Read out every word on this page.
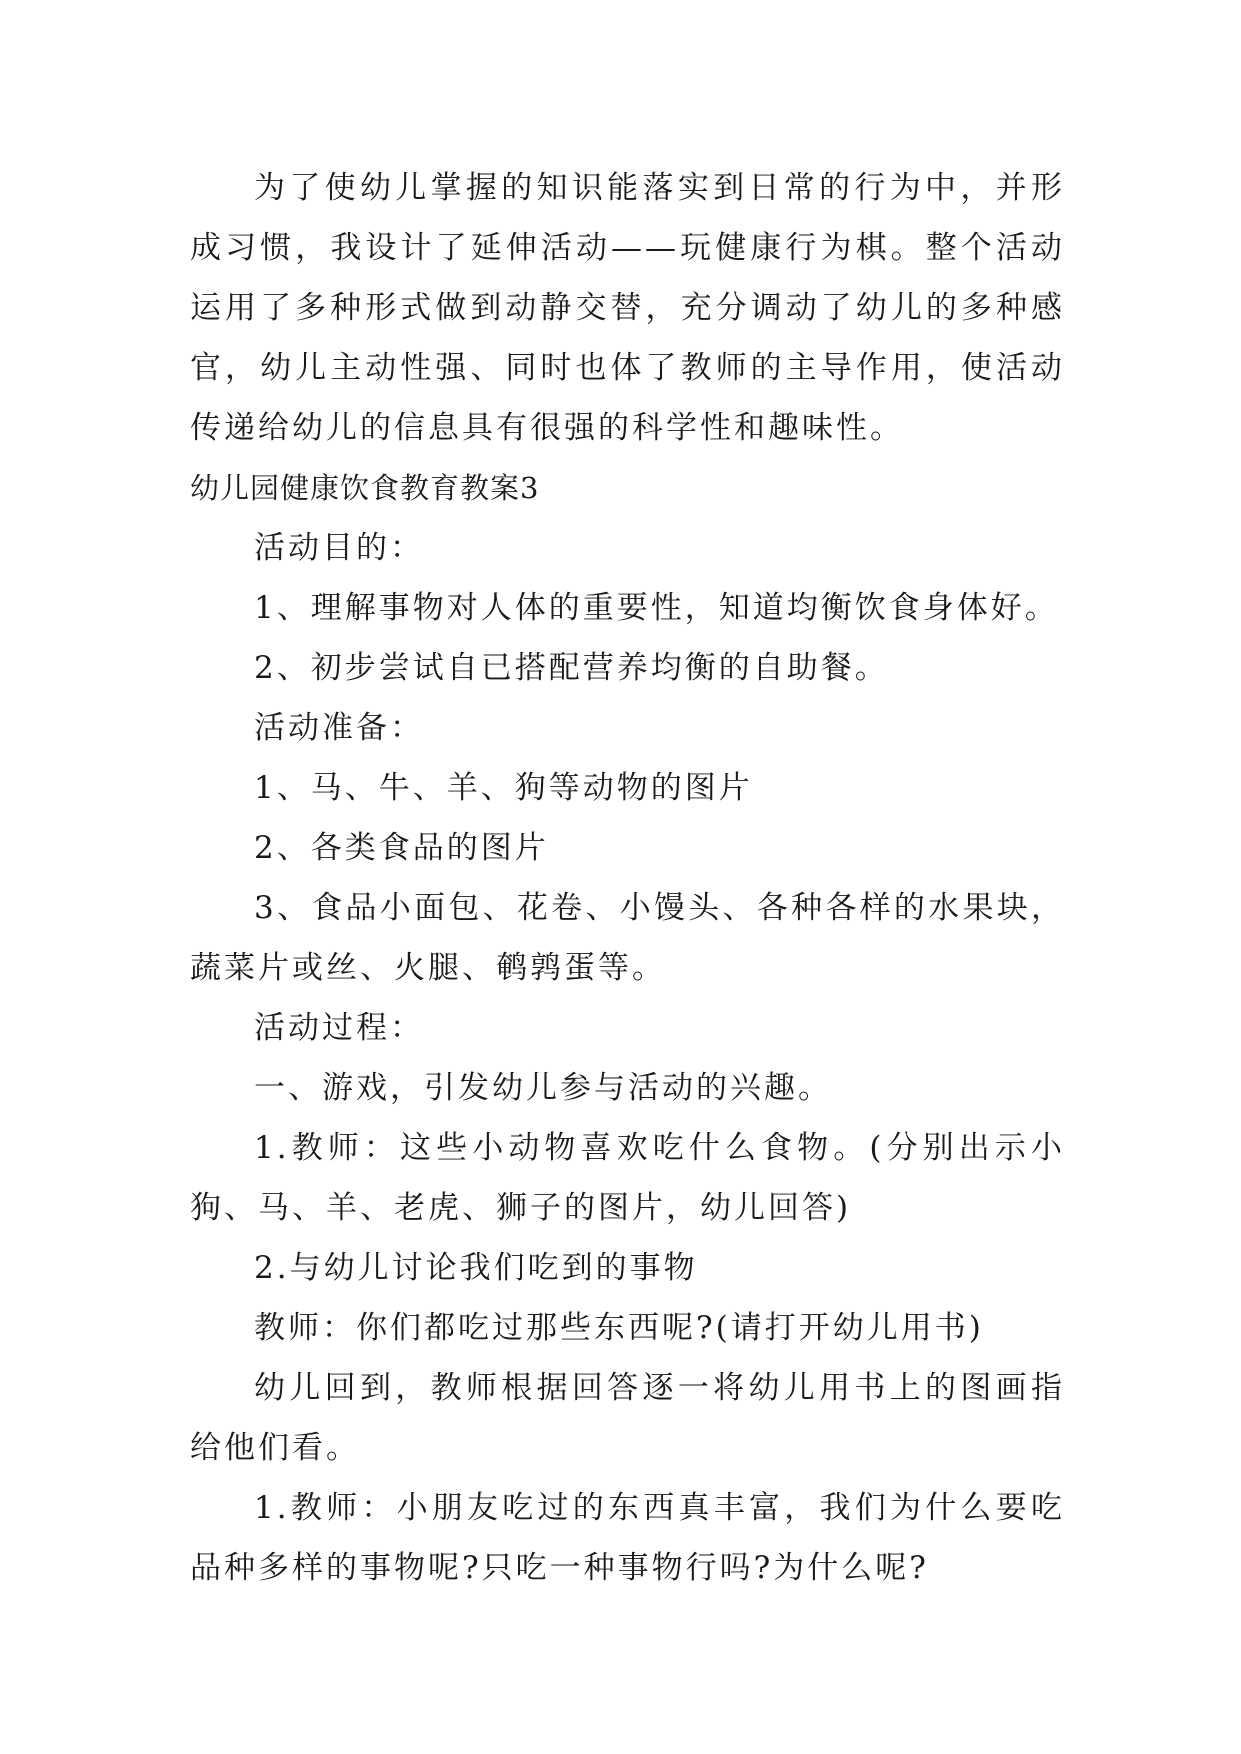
为了使幼儿掌握的知识能落实到日常的行为中，并形成习惯，我设计了延伸活动——玩健康行为棋。整个活动运用了多种形式做到动静交替，充分调动了幼儿的多种感官，幼儿主动性强、同时也体了教师的主导作用，使活动传递给幼儿的信息具有很强的科学性和趣味性。

幼儿园健康饮食教育教案3

活动目的：

1、理解事物对人体的重要性，知道均衡饮食身体好。

2、初步尝试自已搭配营养均衡的自助餐。

活动准备：

1、马、牛、羊、狗等动物的图片

2、各类食品的图片

3、食品小面包、花卷、小馒头、各种各样的水果块，蔬菜片或丝、火腿、鹌鹑蛋等。

活动过程：

一、游戏，引发幼儿参与活动的兴趣。

1.教师：这些小动物喜欢吃什么食物。(分别出示小狗、马、羊、老虎、狮子的图片，幼儿回答)

2.与幼儿讨论我们吃到的事物

教师：你们都吃过那些东西呢?(请打开幼儿用书)

幼儿回到，教师根据回答逐一将幼儿用书上的图画指给他们看。

1.教师：小朋友吃过的东西真丰富，我们为什么要吃品种多样的事物呢?只吃一种事物行吗?为什么呢?
